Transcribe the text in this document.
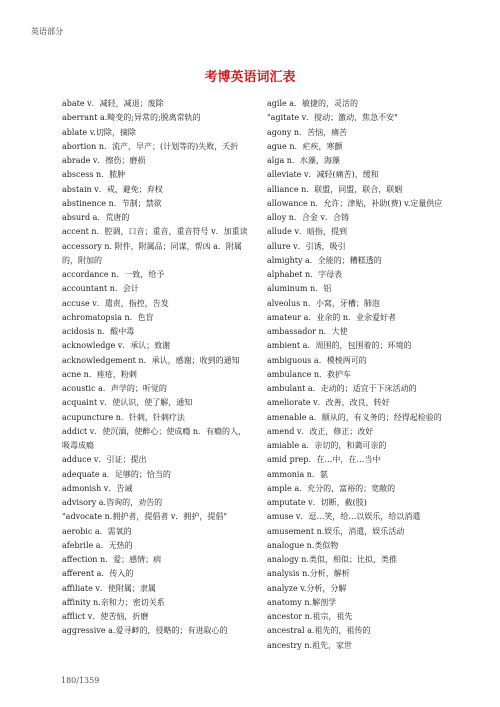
英语部分
考博英语词汇表
abate v．减轻，减退；废除
aberrant a.畸变的;异常的;脱离常轨的
ablate v.切除，摘除
abortion n．流产，早产；(计划等的)失败，夭折
abrade v．擦伤；磨损
abscess n．脓肿
abstain v．戒，避免；弃权
abstinence n．节制；禁欲
absurd a．荒唐的
accent n．腔调，口音；重音，重音符号 v．加重读
accessory n. 附件，附属品；同谋，帮凶 a．附属的，附加的
accordance n．一致，给予
accountant n．会计
accuse v．遣责，指控，告发
achromatopsia n．色盲
acidosis n．酸中毒
acknowledge v．承认；致谢
acknowledgement n．承认，感谢；收到的通知
acne n．痤疮，粉刺
acoustic a．声学的；听觉的
acquaint v．使认识，使了解，通知
acupuncture n．针刺，针刺疗法
addict v．使沉湎，使醉心；使成瘾 n．有瘾的人，吸毒成瘾
adduce v．引证；提出
adequate a．足够的；恰当的
admonish v．告诫
advisory a.咨询的，劝告的
"advocate n.拥护者，提倡者 v．拥护，提倡"
aerobic a．需氧的
afebrile a．无热的
affection n．爱；感情；病
afferent a．传入的
affiliate v．使附属；隶属
affinity n.亲和力；密切关系
afflict v．使苦恼，折磨
aggressive a.爱寻衅的，侵略的；有进取心的
agile a．敏捷的，灵活的
"agitate v．搅动；激动，焦急不安"
agony n．苦恼，痛苦
ague n．疟疾，寒颤
alga n．水藻，海藻
alleviate v．减轻(痛苦)，缓和
alliance n．联盟，同盟，联合，联姻
allowance n．允许；津贴，补助(费) v.定量供应
alloy n．合金 v．合铸
allude v．暗指，提到
allure v．引诱，吸引
almighty a．全能的；糟糕透的
alphabet n．字母表
aluminum n．铝
alveolus n．小窝，牙槽；肺泡
amateur a．业余的 n．业余爱好者
ambassador n．大使
ambient a．周围的，包围着的；环境的
ambiguous a．模棱两可的
ambulance n．救护车
ambulant a．走动的；适宜于下床活动的
ameliorate v．改善，改良，转好
amenable a．顺从的，有义务的；经得起检验的
amend v．改正，修正；改好
amiable a．亲切的，和蔼可亲的
amid prep．在…中，在…当中
ammonia n．氨
ample a．充分的，富裕的；宽敞的
amputate v．切断，截(肢)
amuse v．逗…笑，给…以娱乐，给以消遣
amusement n.娱乐，消遣，娱乐活动
analogue n.类似物
analogy n.类似，相似；比拟，类推
analysis n.分析，解析
analyze v.分析，分解
anatomy n.解剖学
ancestor n.祖宗，祖先
ancestral a.祖先的，祖传的
ancestry n.祖先，家世
180/1359
